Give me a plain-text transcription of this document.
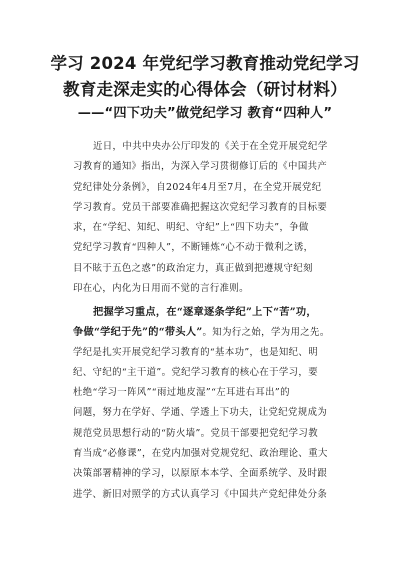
学习 2024 年党纪学习教育推动党纪学习
教育走深走实的心得体会（研讨材料）
——“四下功夫”做党纪学习 教育“四种人”
近日，中共中央办公厅印发的《关于在全党开展党纪学
习教育的通知》指出，为深入学习贯彻修订后的《中国共产
党纪律处分条例》，自2024年4月至7月，在全党开展党纪
学习教育。党员干部要准确把握这次党纪学习教育的目标要
求，在“学纪、知纪、明纪、守纪”上“四下功夫”，争做
党纪学习教育“四种人”，不断锤炼“心不动于微利之诱，
目不眩于五色之惑”的政治定力，真正做到把遵规守纪刻
印在心，内化为日用而不觉的言行准则。
把握学习重点，在“逐章逐条学纪”上下“苦”功，
争做“学纪于先”的“带头人”。知为行之始，学为用之先。
学纪是扎实开展党纪学习教育的“基本功”，也是知纪、明
纪、守纪的“主干道”。党纪学习教育的核心在于学习，要
杜绝“学习一阵风”“雨过地皮湿”“左耳进右耳出”的
问题，努力在学好、学通、学透上下功夫，让党纪党规成为
规范党员思想行动的“防火墙”。党员干部要把党纪学习教
育当成“必修课”，在党内加强对党规党纪、政治理论、重大
决策部署精神的学习，以原原本本学、全面系统学、及时跟
进学、新旧对照学的方式认真学习《中国共产党纪律处分条
